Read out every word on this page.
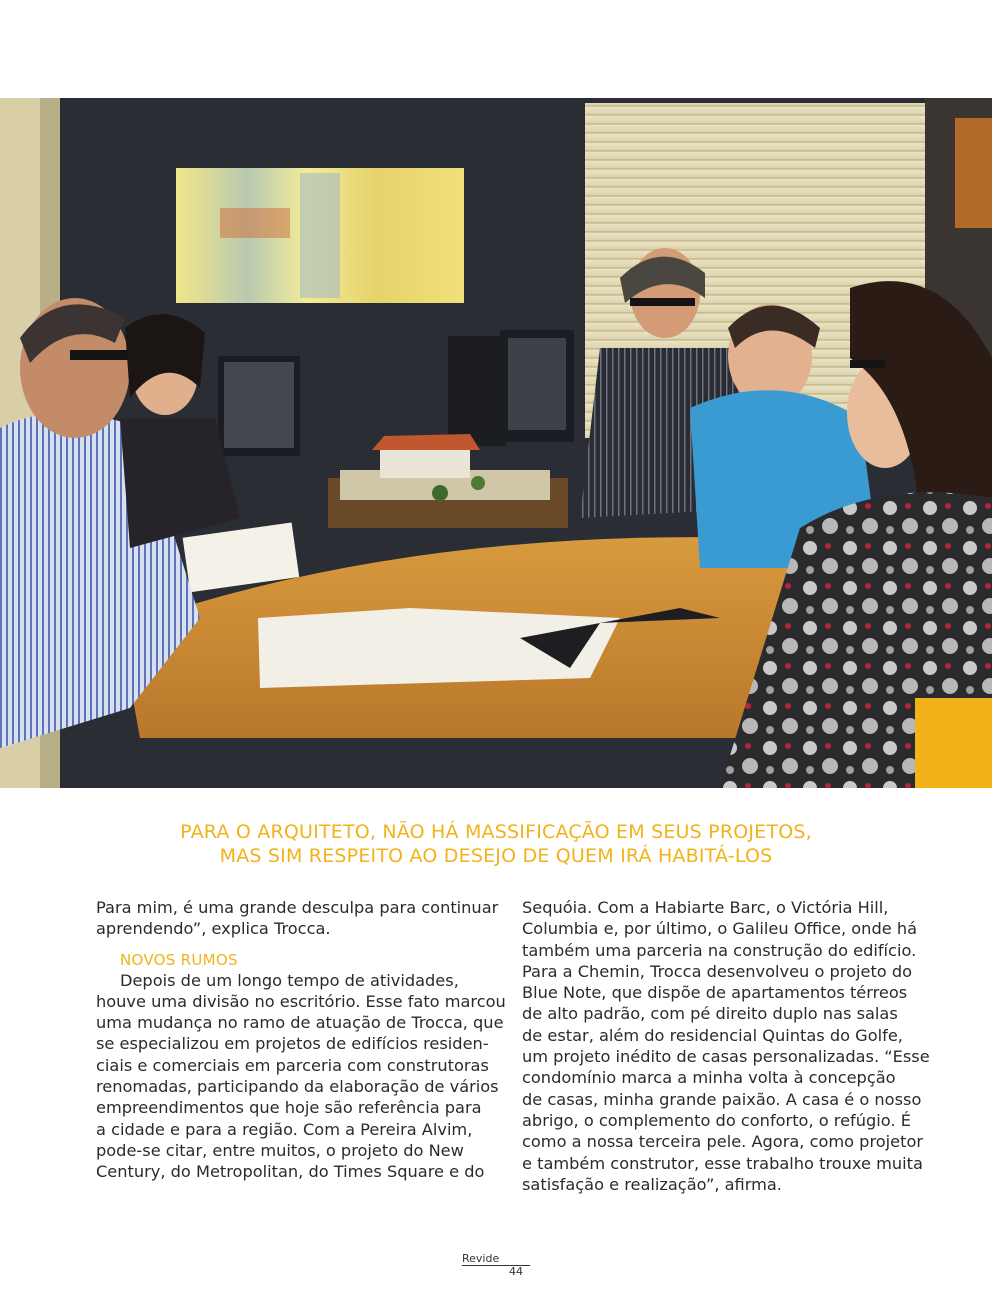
PARA O ARQUITETO, NÃO HÁ MASSIFICAÇÃO EM SEUS PROJETOS,
MAS SIM RESPEITO AO DESEJO DE QUEM IRÁ HABITÁ-LOS

Para mim, é uma grande desculpa para continuar
aprendendo”, explica Trocca.

NOVOS RUMOS

Depois de um longo tempo de atividades,
houve uma divisão no escritório. Esse fato marcou
uma mudança no ramo de atuação de Trocca, que
se especializou em projetos de edifícios residen-
ciais e comerciais em parceria com construtoras
renomadas, participando da elaboração de vários
empreendimentos que hoje são referência para
a cidade e para a região. Com a Pereira Alvim,
pode-se citar, entre muitos, o projeto do New
Century, do Metropolitan, do Times Square e do

Sequóia. Com a Habiarte Barc, o Victória Hill,
Columbia e, por último, o Galileu Office, onde há
também uma parceria na construção do edifício.
Para a Chemin, Trocca desenvolveu o projeto do
Blue Note, que dispõe de apartamentos térreos
de alto padrão, com pé direito duplo nas salas
de estar, além do residencial Quintas do Golfe,
um projeto inédito de casas personalizadas. “Esse
condomínio marca a minha volta à concepção
de casas, minha grande paixão. A casa é o nosso
abrigo, o complemento do conforto, o refúgio. É
como a nossa terceira pele. Agora, como projetor
e também construtor, esse trabalho trouxe muita
satisfação e realização”, afirma.

Revide
44
